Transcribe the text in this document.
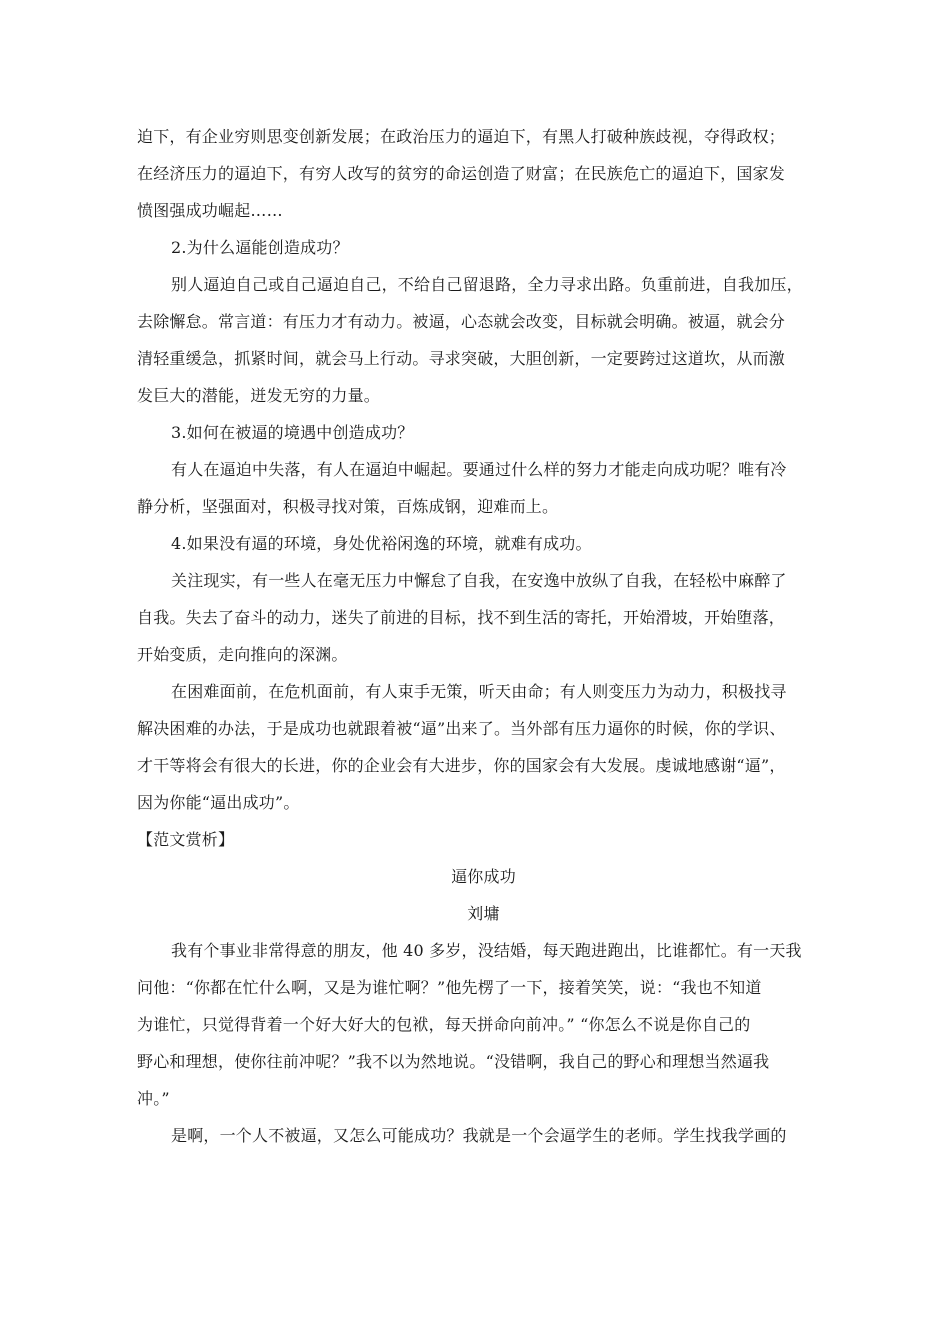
迫下，有企业穷则思变创新发展；在政治压力的逼迫下，有黑人打破种族歧视，夺得政权；
在经济压力的逼迫下，有穷人改写的贫穷的命运创造了财富；在民族危亡的逼迫下，国家发
愤图强成功崛起……
2.为什么逼能创造成功？
别人逼迫自己或自己逼迫自己，不给自己留退路，全力寻求出路。负重前进，自我加压，
去除懈怠。常言道：有压力才有动力。被逼，心态就会改变，目标就会明确。被逼，就会分
清轻重缓急，抓紧时间，就会马上行动。寻求突破，大胆创新，一定要跨过这道坎，从而激
发巨大的潜能，迸发无穷的力量。
3.如何在被逼的境遇中创造成功？
有人在逼迫中失落，有人在逼迫中崛起。要通过什么样的努力才能走向成功呢？唯有冷
静分析，坚强面对，积极寻找对策，百炼成钢，迎难而上。
4.如果没有逼的环境，身处优裕闲逸的环境，就难有成功。
关注现实，有一些人在毫无压力中懈怠了自我，在安逸中放纵了自我，在轻松中麻醉了
自我。失去了奋斗的动力，迷失了前进的目标，找不到生活的寄托，开始滑坡，开始堕落，
开始变质，走向推向的深渊。
在困难面前，在危机面前，有人束手无策，听天由命；有人则变压力为动力，积极找寻
解决困难的办法，于是成功也就跟着被“逼”出来了。当外部有压力逼你的时候，你的学识、
才干等将会有很大的长进，你的企业会有大进步，你的国家会有大发展。虔诚地感谢“逼”，
因为你能“逼出成功”。
【范文赏析】
逼你成功
刘墉
我有个事业非常得意的朋友，他 40 多岁，没结婚，每天跑进跑出，比谁都忙。有一天我
问他：“你都在忙什么啊，又是为谁忙啊？”他先楞了一下，接着笑笑，说：“我也不知道
为谁忙，只觉得背着一个好大好大的包袱，每天拼命向前冲。” “你怎么不说是你自己的
野心和理想，使你往前冲呢？”我不以为然地说。“没错啊，我自己的野心和理想当然逼我
冲。”
是啊，一个人不被逼，又怎么可能成功？我就是一个会逼学生的老师。学生找我学画的
